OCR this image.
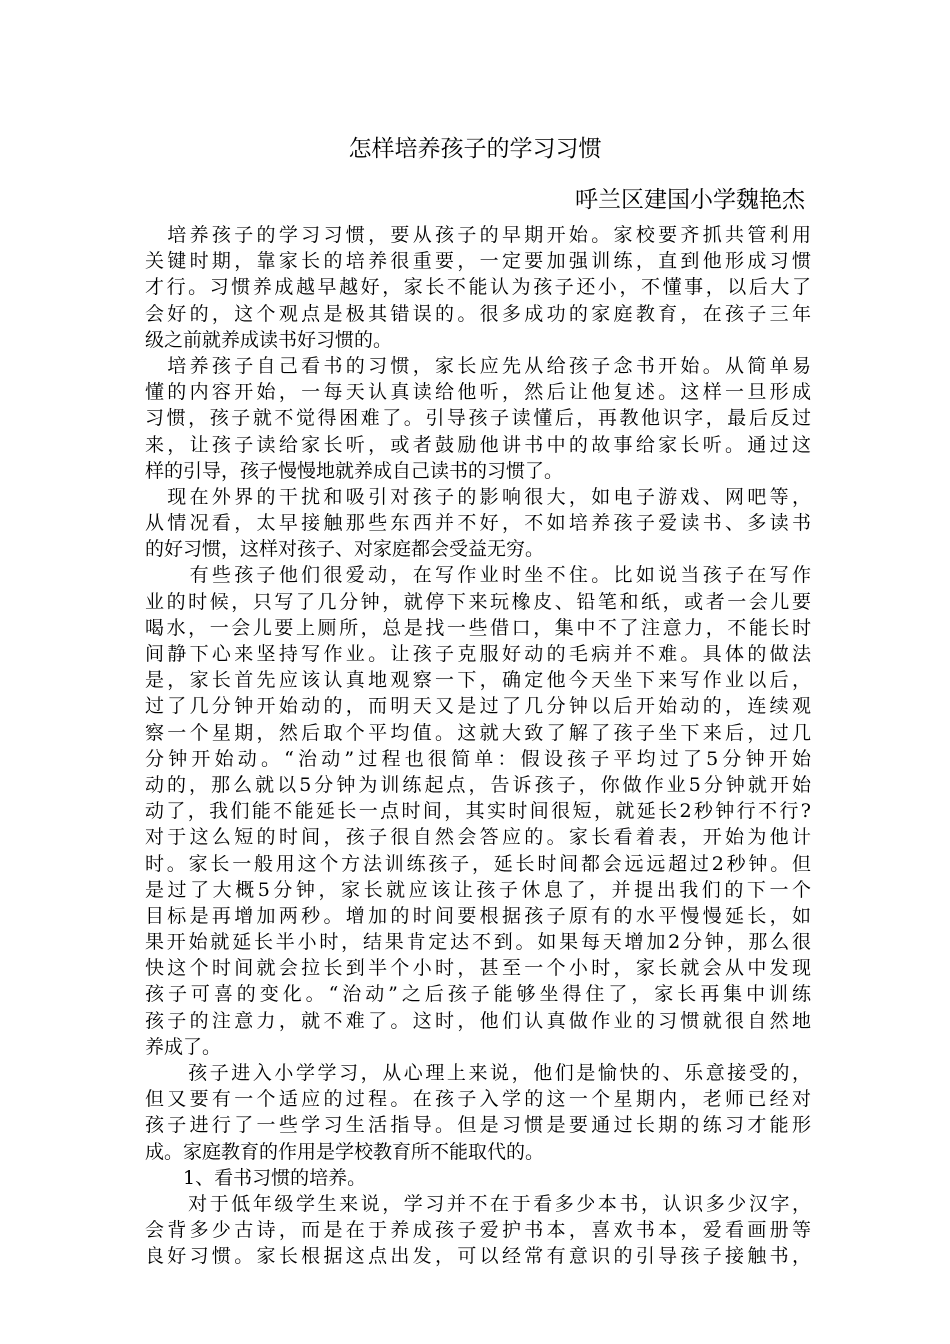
怎样培养孩子的学习习惯
呼兰区建国小学魏艳杰
　培养孩子的学习习惯，要从孩子的早期开始。家校要齐抓共管利用
关键时期，靠家长的培养很重要，一定要加强训练，直到他形成习惯
才行。习惯养成越早越好，家长不能认为孩子还小，不懂事，以后大了
会好的，这个观点是极其错误的。很多成功的家庭教育，在孩子三年
级之前就养成读书好习惯的。
　培养孩子自己看书的习惯，家长应先从给孩子念书开始。从简单易
懂的内容开始，一每天认真读给他听，然后让他复述。这样一旦形成
习惯，孩子就不觉得困难了。引导孩子读懂后，再教他识字，最后反过
来，让孩子读给家长听，或者鼓励他讲书中的故事给家长听。通过这
样的引导，孩子慢慢地就养成自己读书的习惯了。
　现在外界的干扰和吸引对孩子的影响很大，如电子游戏、网吧等，
从情况看，太早接触那些东西并不好，不如培养孩子爱读书、多读书
的好习惯，这样对孩子、对家庭都会受益无穷。
　　有些孩子他们很爱动，在写作业时坐不住。比如说当孩子在写作
业的时候，只写了几分钟，就停下来玩橡皮、铅笔和纸，或者一会儿要
喝水，一会儿要上厕所，总是找一些借口，集中不了注意力，不能长时
间静下心来坚持写作业。让孩子克服好动的毛病并不难。具体的做法
是，家长首先应该认真地观察一下，确定他今天坐下来写作业以后，
过了几分钟开始动的，而明天又是过了几分钟以后开始动的，连续观
察一个星期，然后取个平均值。这就大致了解了孩子坐下来后，过几
分钟开始动。“治动”过程也很简单：假设孩子平均过了5分钟开始
动的，那么就以5分钟为训练起点，告诉孩子，你做作业5分钟就开始
动了，我们能不能延长一点时间，其实时间很短，就延长2秒钟行不行?
对于这么短的时间，孩子很自然会答应的。家长看着表，开始为他计
时。家长一般用这个方法训练孩子，延长时间都会远远超过2秒钟。但
是过了大概5分钟，家长就应该让孩子休息了，并提出我们的下一个
目标是再增加两秒。增加的时间要根据孩子原有的水平慢慢延长，如
果开始就延长半小时，结果肯定达不到。如果每天增加2分钟，那么很
快这个时间就会拉长到半个小时，甚至一个小时，家长就会从中发现
孩子可喜的变化。“治动”之后孩子能够坐得住了，家长再集中训练
孩子的注意力，就不难了。这时，他们认真做作业的习惯就很自然地
养成了。
　　孩子进入小学学习，从心理上来说，他们是愉快的、乐意接受的，
但又要有一个适应的过程。在孩子入学的这一个星期内，老师已经对
孩子进行了一些学习生活指导。但是习惯是要通过长期的练习才能形
成。家庭教育的作用是学校教育所不能取代的。
　　1、看书习惯的培养。
　　对于低年级学生来说，学习并不在于看多少本书，认识多少汉字，
会背多少古诗，而是在于养成孩子爱护书本，喜欢书本，爱看画册等
良好习惯。家长根据这点出发，可以经常有意识的引导孩子接触书，
